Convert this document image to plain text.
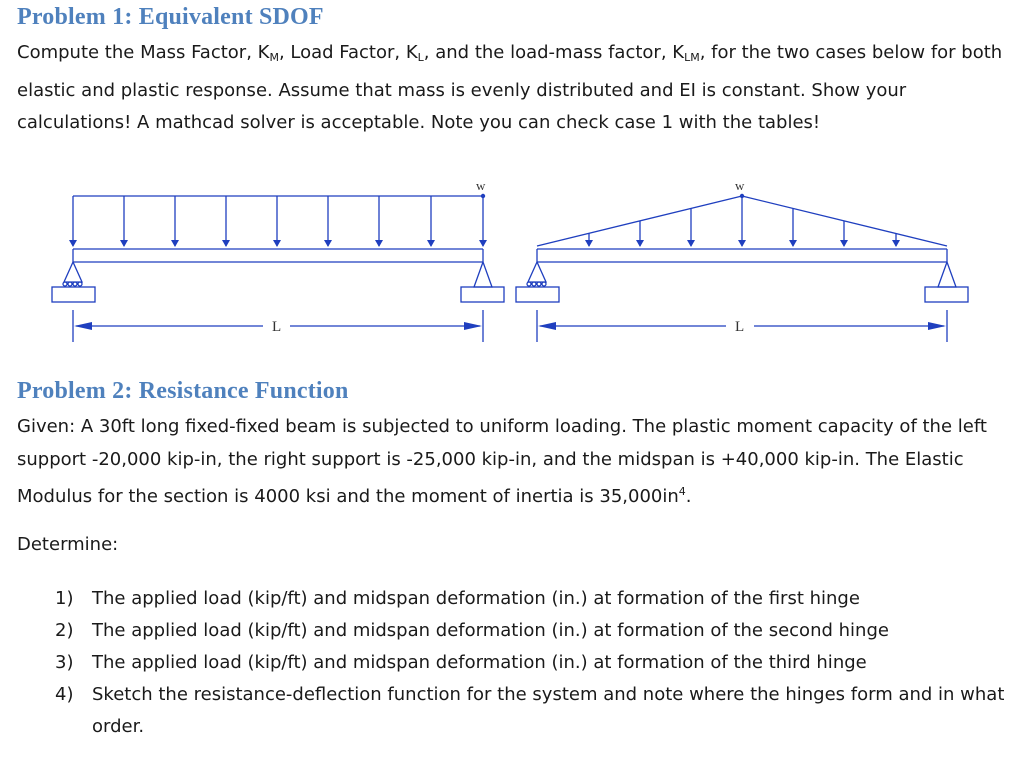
Problem 1: Equivalent SDOF
Compute the Mass Factor, $K_M$, Load Factor, $K_L$, and the load-mass factor, $K_{LM}$, for the two cases below for both elastic and plastic response. Assume that mass is evenly distributed and EI is constant. Show your calculations! A mathcad solver is acceptable. Note you can check case 1 with the tables!
w
L
w
L
Problem 2: Resistance Function
Given: A 30ft long fixed-fixed beam is subjected to uniform loading. The plastic moment capacity of the left support -20,000 kip-in, the right support is -25,000 kip-in, and the midspan is +40,000 kip-in. The Elastic Modulus for the section is 4000 ksi and the moment of inertia is $35,000in^4$.
Determine:
1) The applied load (kip/ft) and midspan deformation (in.) at formation of the first hinge
2) The applied load (kip/ft) and midspan deformation (in.) at formation of the second hinge
3) The applied load (kip/ft) and midspan deformation (in.) at formation of the third hinge
4) Sketch the resistance-deflection function for the system and note where the hinges form and in what order.
